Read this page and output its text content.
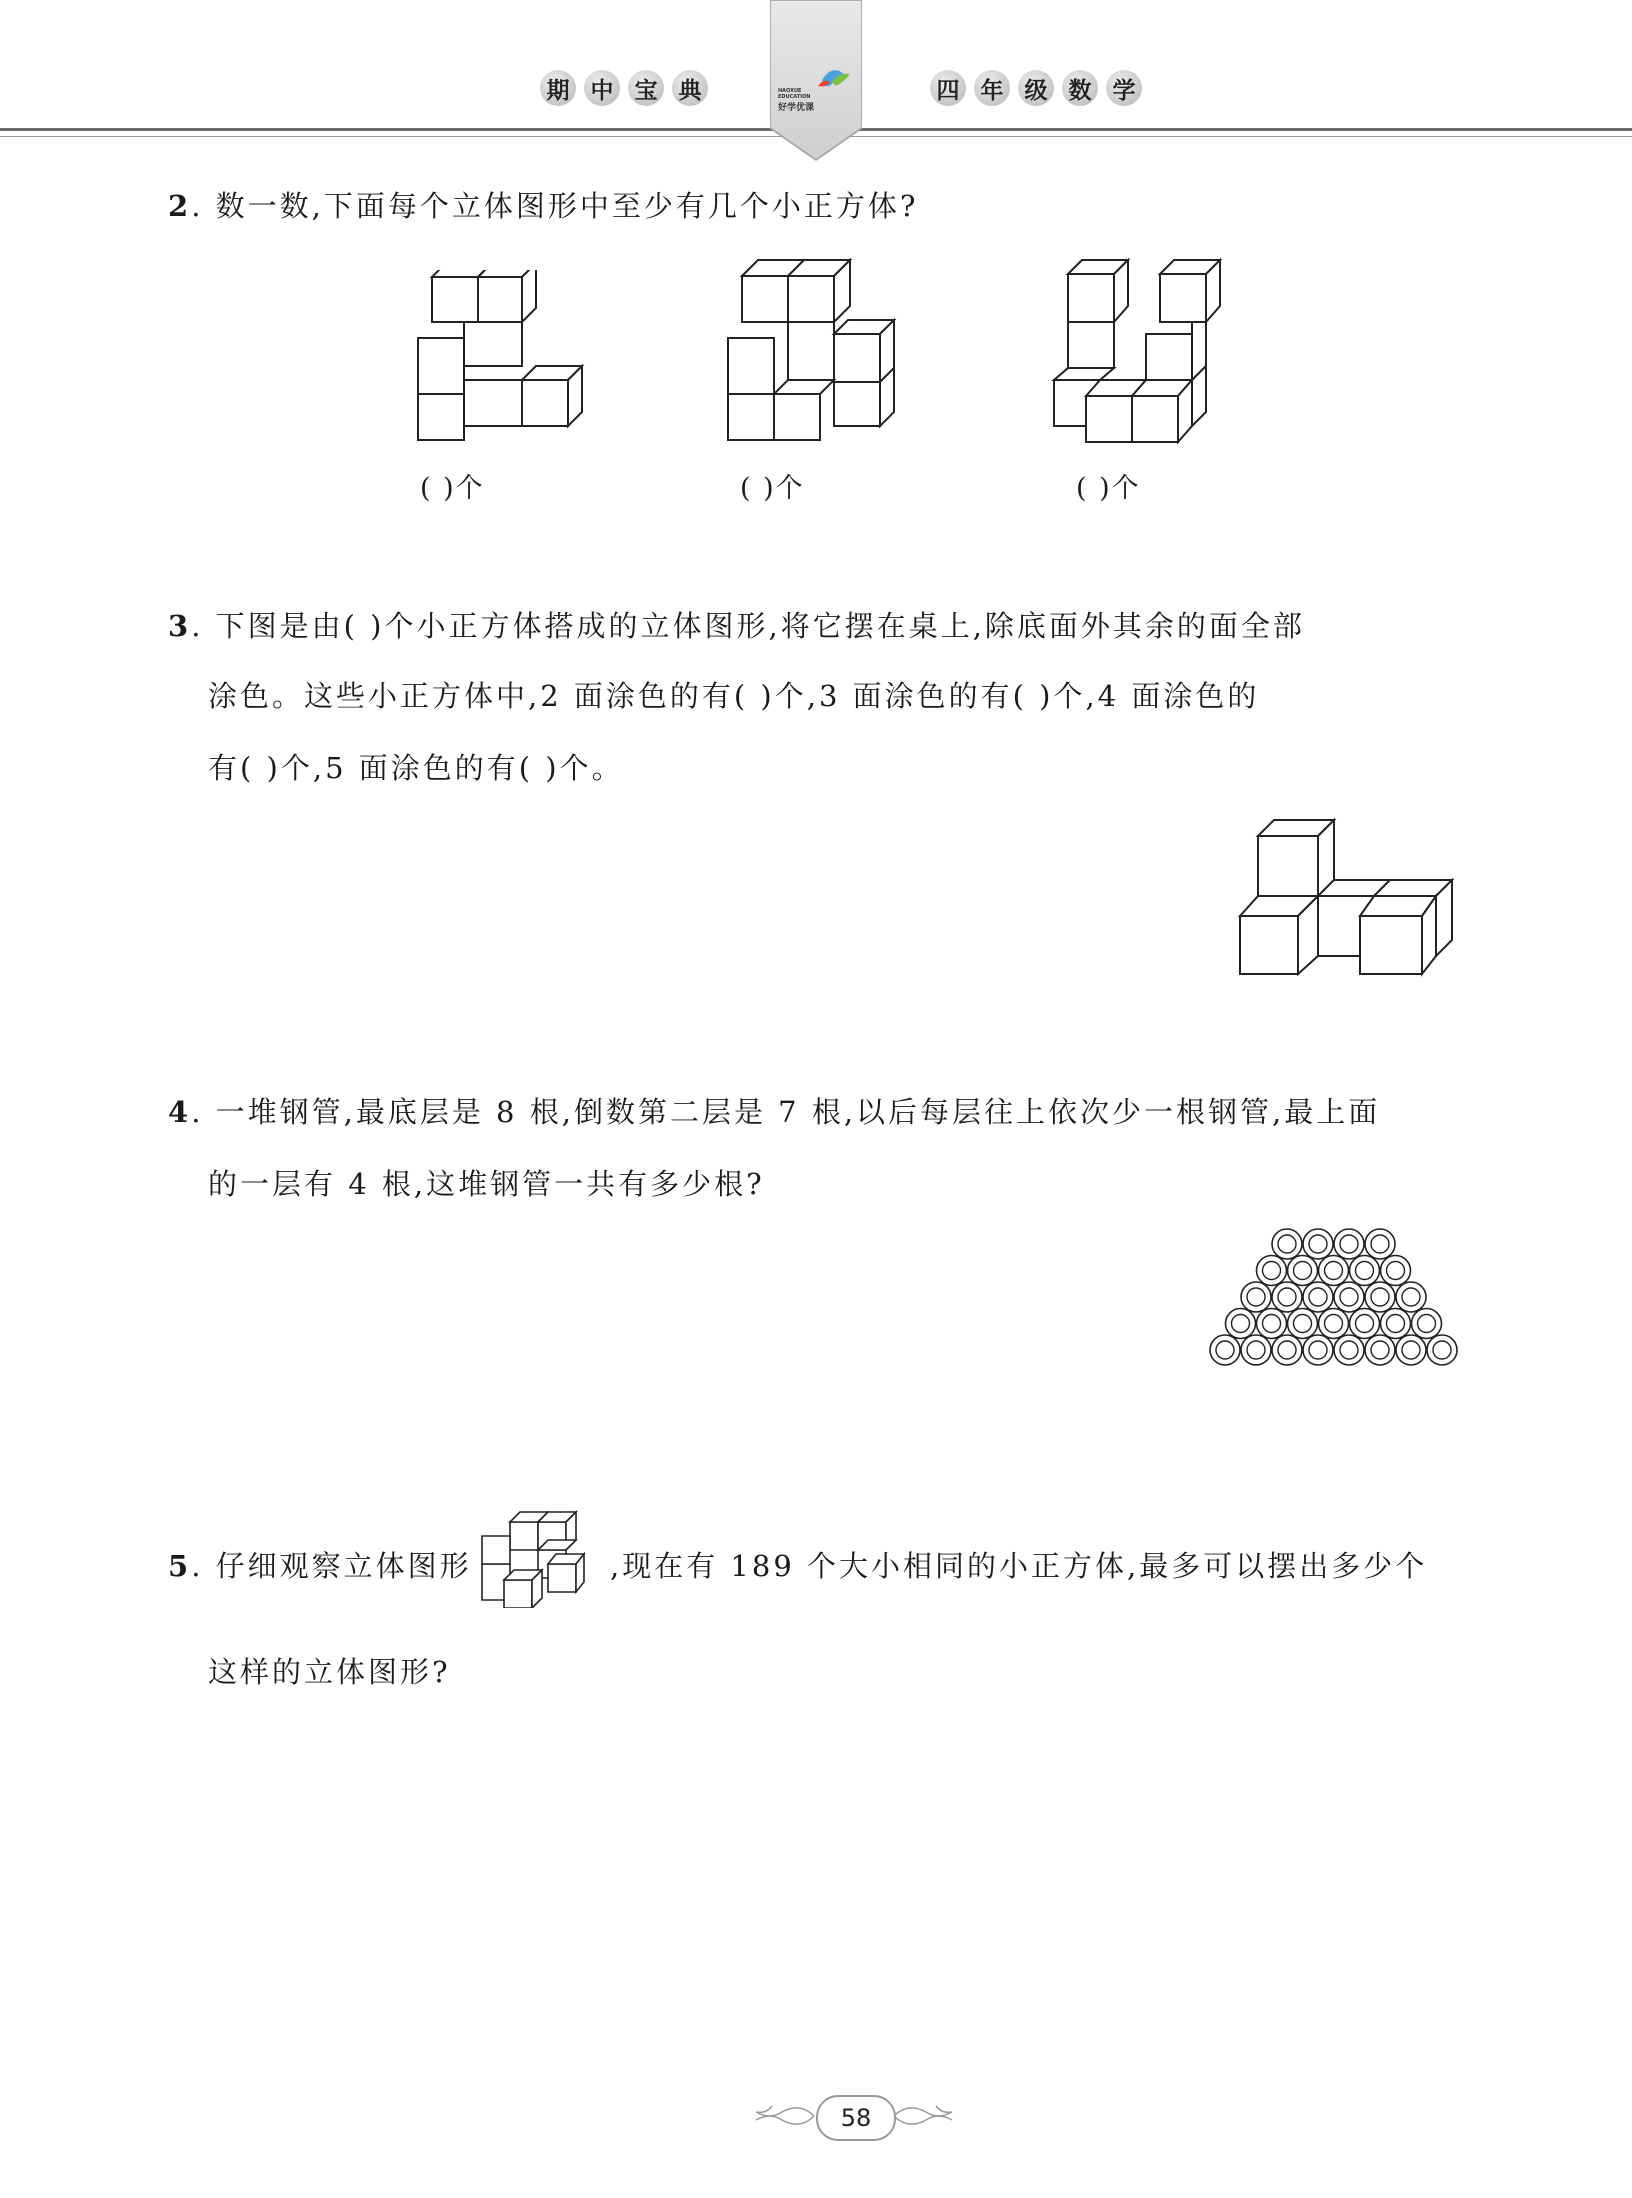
期 中 宝 典	四 年 级 数 学
HAOXUE EDUCATION
好学优课
2. 数一数,下面每个立体图形中至少有几个小正方体?
( )个	( )个	( )个
3. 下图是由( )个小正方体搭成的立体图形,将它摆在桌上,除底面外其余的面全部
涂色。这些小正方体中,2 面涂色的有( )个,3 面涂色的有( )个,4 面涂色的
有( )个,5 面涂色的有( )个。
4. 一堆钢管,最底层是 8 根,倒数第二层是 7 根,以后每层往上依次少一根钢管,最上面
的一层有 4 根,这堆钢管一共有多少根?
5. 仔细观察立体图形	,现在有 189 个大小相同的小正方体,最多可以摆出多少个
这样的立体图形?
58
